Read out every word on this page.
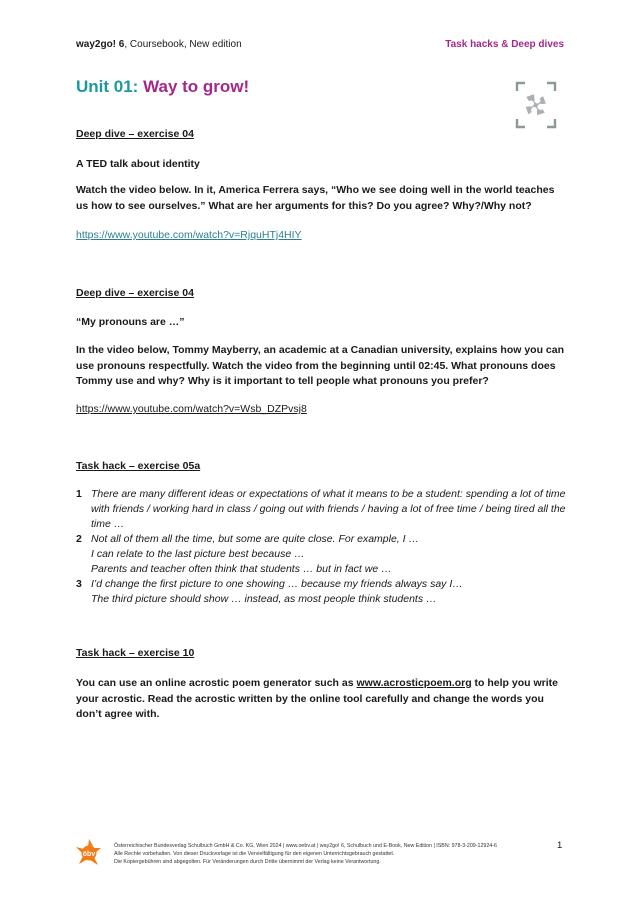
way2go! 6, Coursebook, New edition	Task hacks & Deep dives
Unit 01: Way to grow!
Deep dive – exercise 04
A TED talk about identity
Watch the video below. In it, America Ferrera says, “Who we see doing well in the world teaches us how to see ourselves.” What are her arguments for this? Do you agree? Why?/Why not?
https://www.youtube.com/watch?v=RjquHTj4HIY
Deep dive – exercise 04
“My pronouns are …”
In the video below, Tommy Mayberry, an academic at a Canadian university, explains how you can use pronouns respectfully. Watch the video from the beginning until 02:45. What pronouns does Tommy use and why? Why is it important to tell people what pronouns you prefer?
https://www.youtube.com/watch?v=Wsb_DZPvsj8
Task hack – exercise 05a
1 There are many different ideas or expectations of what it means to be a student: spending a lot of time with friends / working hard in class / going out with friends / having a lot of free time / being tired all the time …
2 Not all of them all the time, but some are quite close. For example, I …
I can relate to the last picture best because …
Parents and teacher often think that students … but in fact we …
3 I’d change the first picture to one showing … because my friends always say I…
The third picture should show … instead, as most people think students …
Task hack – exercise 10
You can use an online acrostic poem generator such as www.acrosticpoem.org to help you write your acrostic. Read the acrostic written by the online tool carefully and change the words you don’t agree with.
öbv
Österreichischer Bundesverlag Schulbuch GmbH & Co. KG, Wien 2024 | www.oebv.at | way2go! 6, Schulbuch und E-Book, New Edition | ISBN: 978-3-209-12924-6
Alle Rechte vorbehalten. Von dieser Druckvorlage ist die Vervielfältigung für den eigenen Unterrichtsgebrauch gestattet.
Die Kopiergebühren sind abgegolten. Für Veränderungen durch Dritte übernimmt der Verlag keine Verantwortung.
1
